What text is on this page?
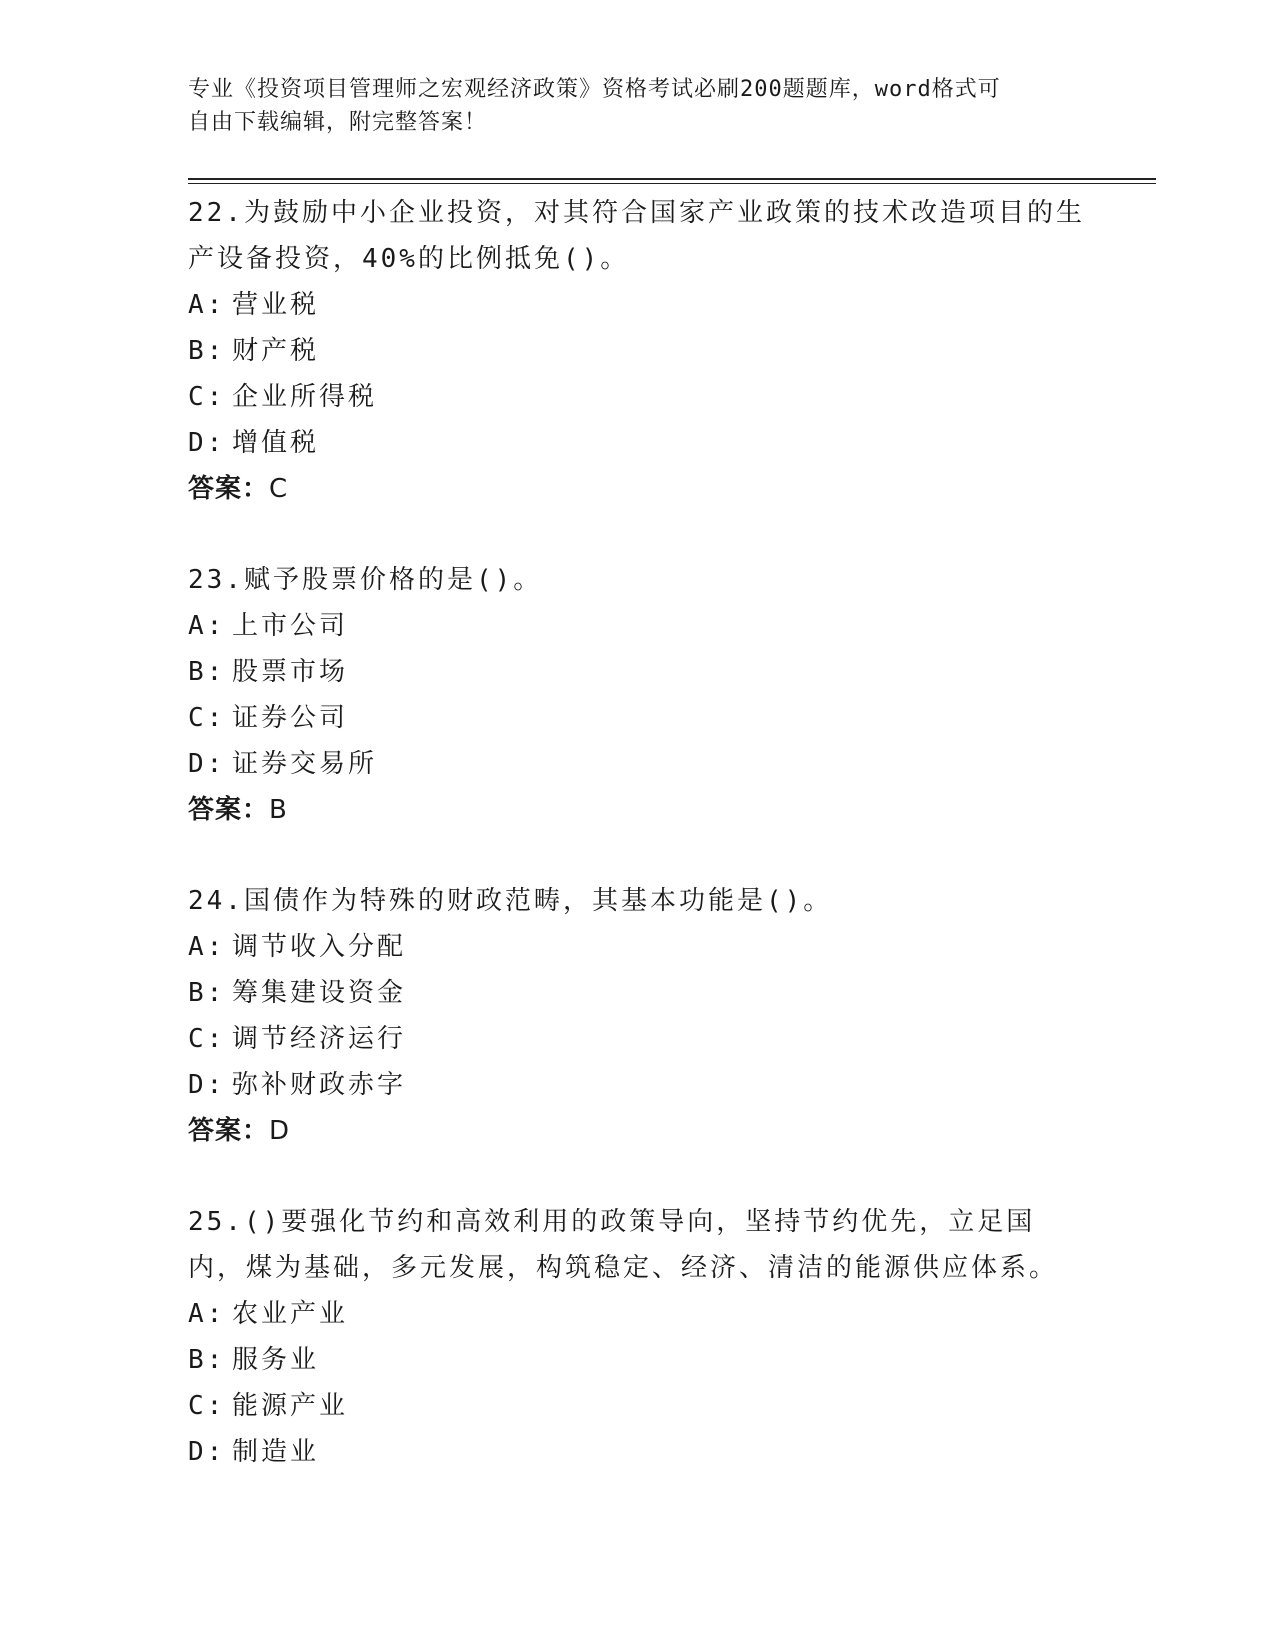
专业《投资项目管理师之宏观经济政策》资格考试必刷200题题库，word格式可
自由下载编辑，附完整答案！
22.为鼓励中小企业投资，对其符合国家产业政策的技术改造项目的生产设备投资，40%的比例抵免()。
A: 营业税
B: 财产税
C: 企业所得税
D: 增值税
答案：C
23.赋予股票价格的是()。
A: 上市公司
B: 股票市场
C: 证券公司
D: 证券交易所
答案：B
24.国债作为特殊的财政范畴，其基本功能是()。
A: 调节收入分配
B: 筹集建设资金
C: 调节经济运行
D: 弥补财政赤字
答案：D
25.()要强化节约和高效利用的政策导向，坚持节约优先，立足国内，煤为基础，多元发展，构筑稳定、经济、清洁的能源供应体系。
A: 农业产业
B: 服务业
C: 能源产业
D: 制造业
